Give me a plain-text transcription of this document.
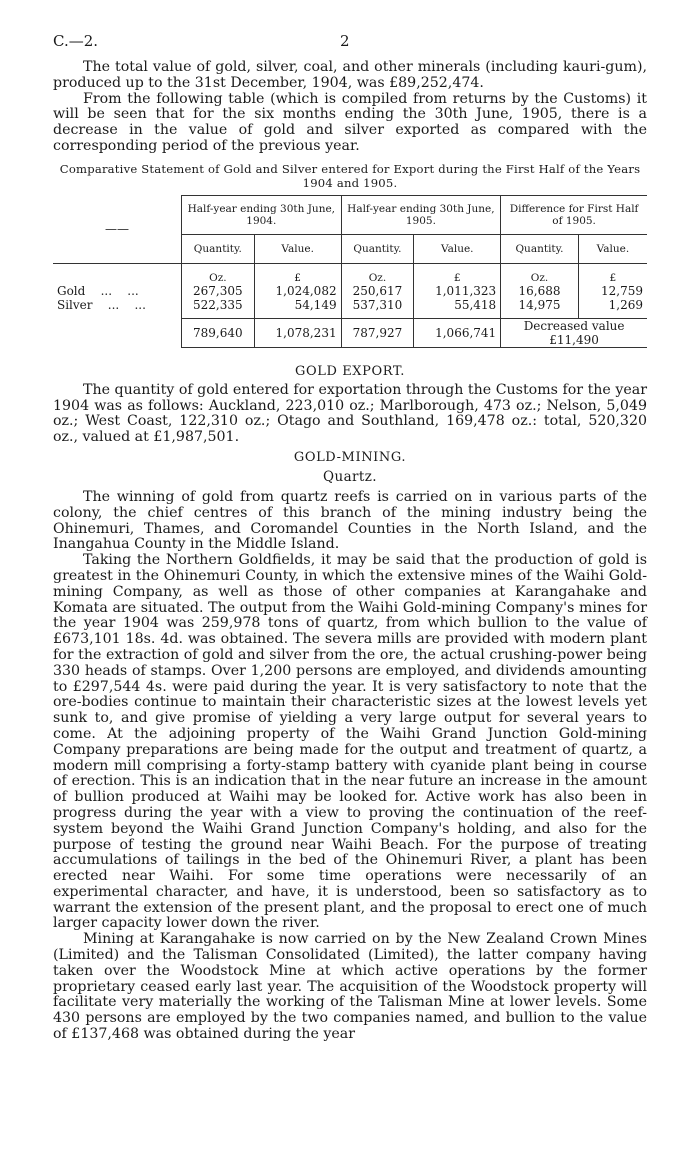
C.—2.	2

The total value of gold, silver, coal, and other minerals (including kauri-gum), produced up to the 31st December, 1904, was £89,252,474.

From the following table (which is compiled from returns by the Customs) it will be seen that for the six months ending the 30th June, 1905, there is a decrease in the value of gold and silver exported as compared with the corresponding period of the previous year.

Comparative Statement of Gold and Silver entered for Export during the First Half of the Years 1904 and 1905.
——	Half-year ending 30th June, 1904.		Half-year ending 30th June, 1905.		Difference for First Half of 1905.	
	Quantity.	Value.	Quantity.	Value.	Quantity.	Value.
	Oz.	£	Oz.	£	Oz.	£
Gold    ...    ...	267,305	1,024,082	250,617	1,011,323	16,688	12,759
Silver    ...    ...	522,335	54,149	537,310	55,418	14,975	1,269
	789,640	1,078,231	787,927	1,066,741	Decreased value £11,490	
GOLD EXPORT.

The quantity of gold entered for exportation through the Customs for the year 1904 was as follows: Auckland, 223,010 oz.; Marlborough, 473 oz.; Nelson, 5,049 oz.; West Coast, 122,310 oz.; Otago and Southland, 169,478 oz.: total, 520,320 oz., valued at £1,987,501.

GOLD-MINING.
Quartz.

The winning of gold from quartz reefs is carried on in various parts of the colony, the chief centres of this branch of the mining industry being the Ohinemuri, Thames, and Coromandel Counties in the North Island, and the Inangahua County in the Middle Island.

Taking the Northern Goldfields, it may be said that the production of gold is greatest in the Ohinemuri County, in which the extensive mines of the Waihi Gold-mining Company, as well as those of other companies at Karangahake and Komata are situated. The output from the Waihi Gold-mining Company's mines for the year 1904 was 259,978 tons of quartz, from which bullion to the value of £673,101 18s. 4d. was obtained. The severa mills are provided with modern plant for the extraction of gold and silver from the ore, the actual crushing-power being 330 heads of stamps. Over 1,200 persons are employed, and dividends amounting to £297,544 4s. were paid during the year. It is very satisfactory to note that the ore-bodies continue to maintain their characteristic sizes at the lowest levels yet sunk to, and give promise of yielding a very large output for several years to come. At the adjoining property of the Waihi Grand Junction Gold-mining Company preparations are being made for the output and treatment of quartz, a modern mill comprising a forty-stamp battery with cyanide plant being in course of erection. This is an indication that in the near future an increase in the amount of bullion produced at Waihi may be looked for. Active work has also been in progress during the year with a view to proving the continuation of the reef-system beyond the Waihi Grand Junction Company's holding, and also for the purpose of testing the ground near Waihi Beach. For the purpose of treating accumulations of tailings in the bed of the Ohinemuri River, a plant has been erected near Waihi. For some time operations were necessarily of an experimental character, and have, it is understood, been so satisfactory as to warrant the extension of the present plant, and the proposal to erect one of much larger capacity lower down the river.

Mining at Karangahake is now carried on by the New Zealand Crown Mines (Limited) and the Talisman Consolidated (Limited), the latter company having taken over the Woodstock Mine at which active operations by the former proprietary ceased early last year. The acquisition of the Woodstock property will facilitate very materially the working of the Talisman Mine at lower levels. Some 430 persons are employed by the two companies named, and bullion to the value of £137,468 was obtained during the year
